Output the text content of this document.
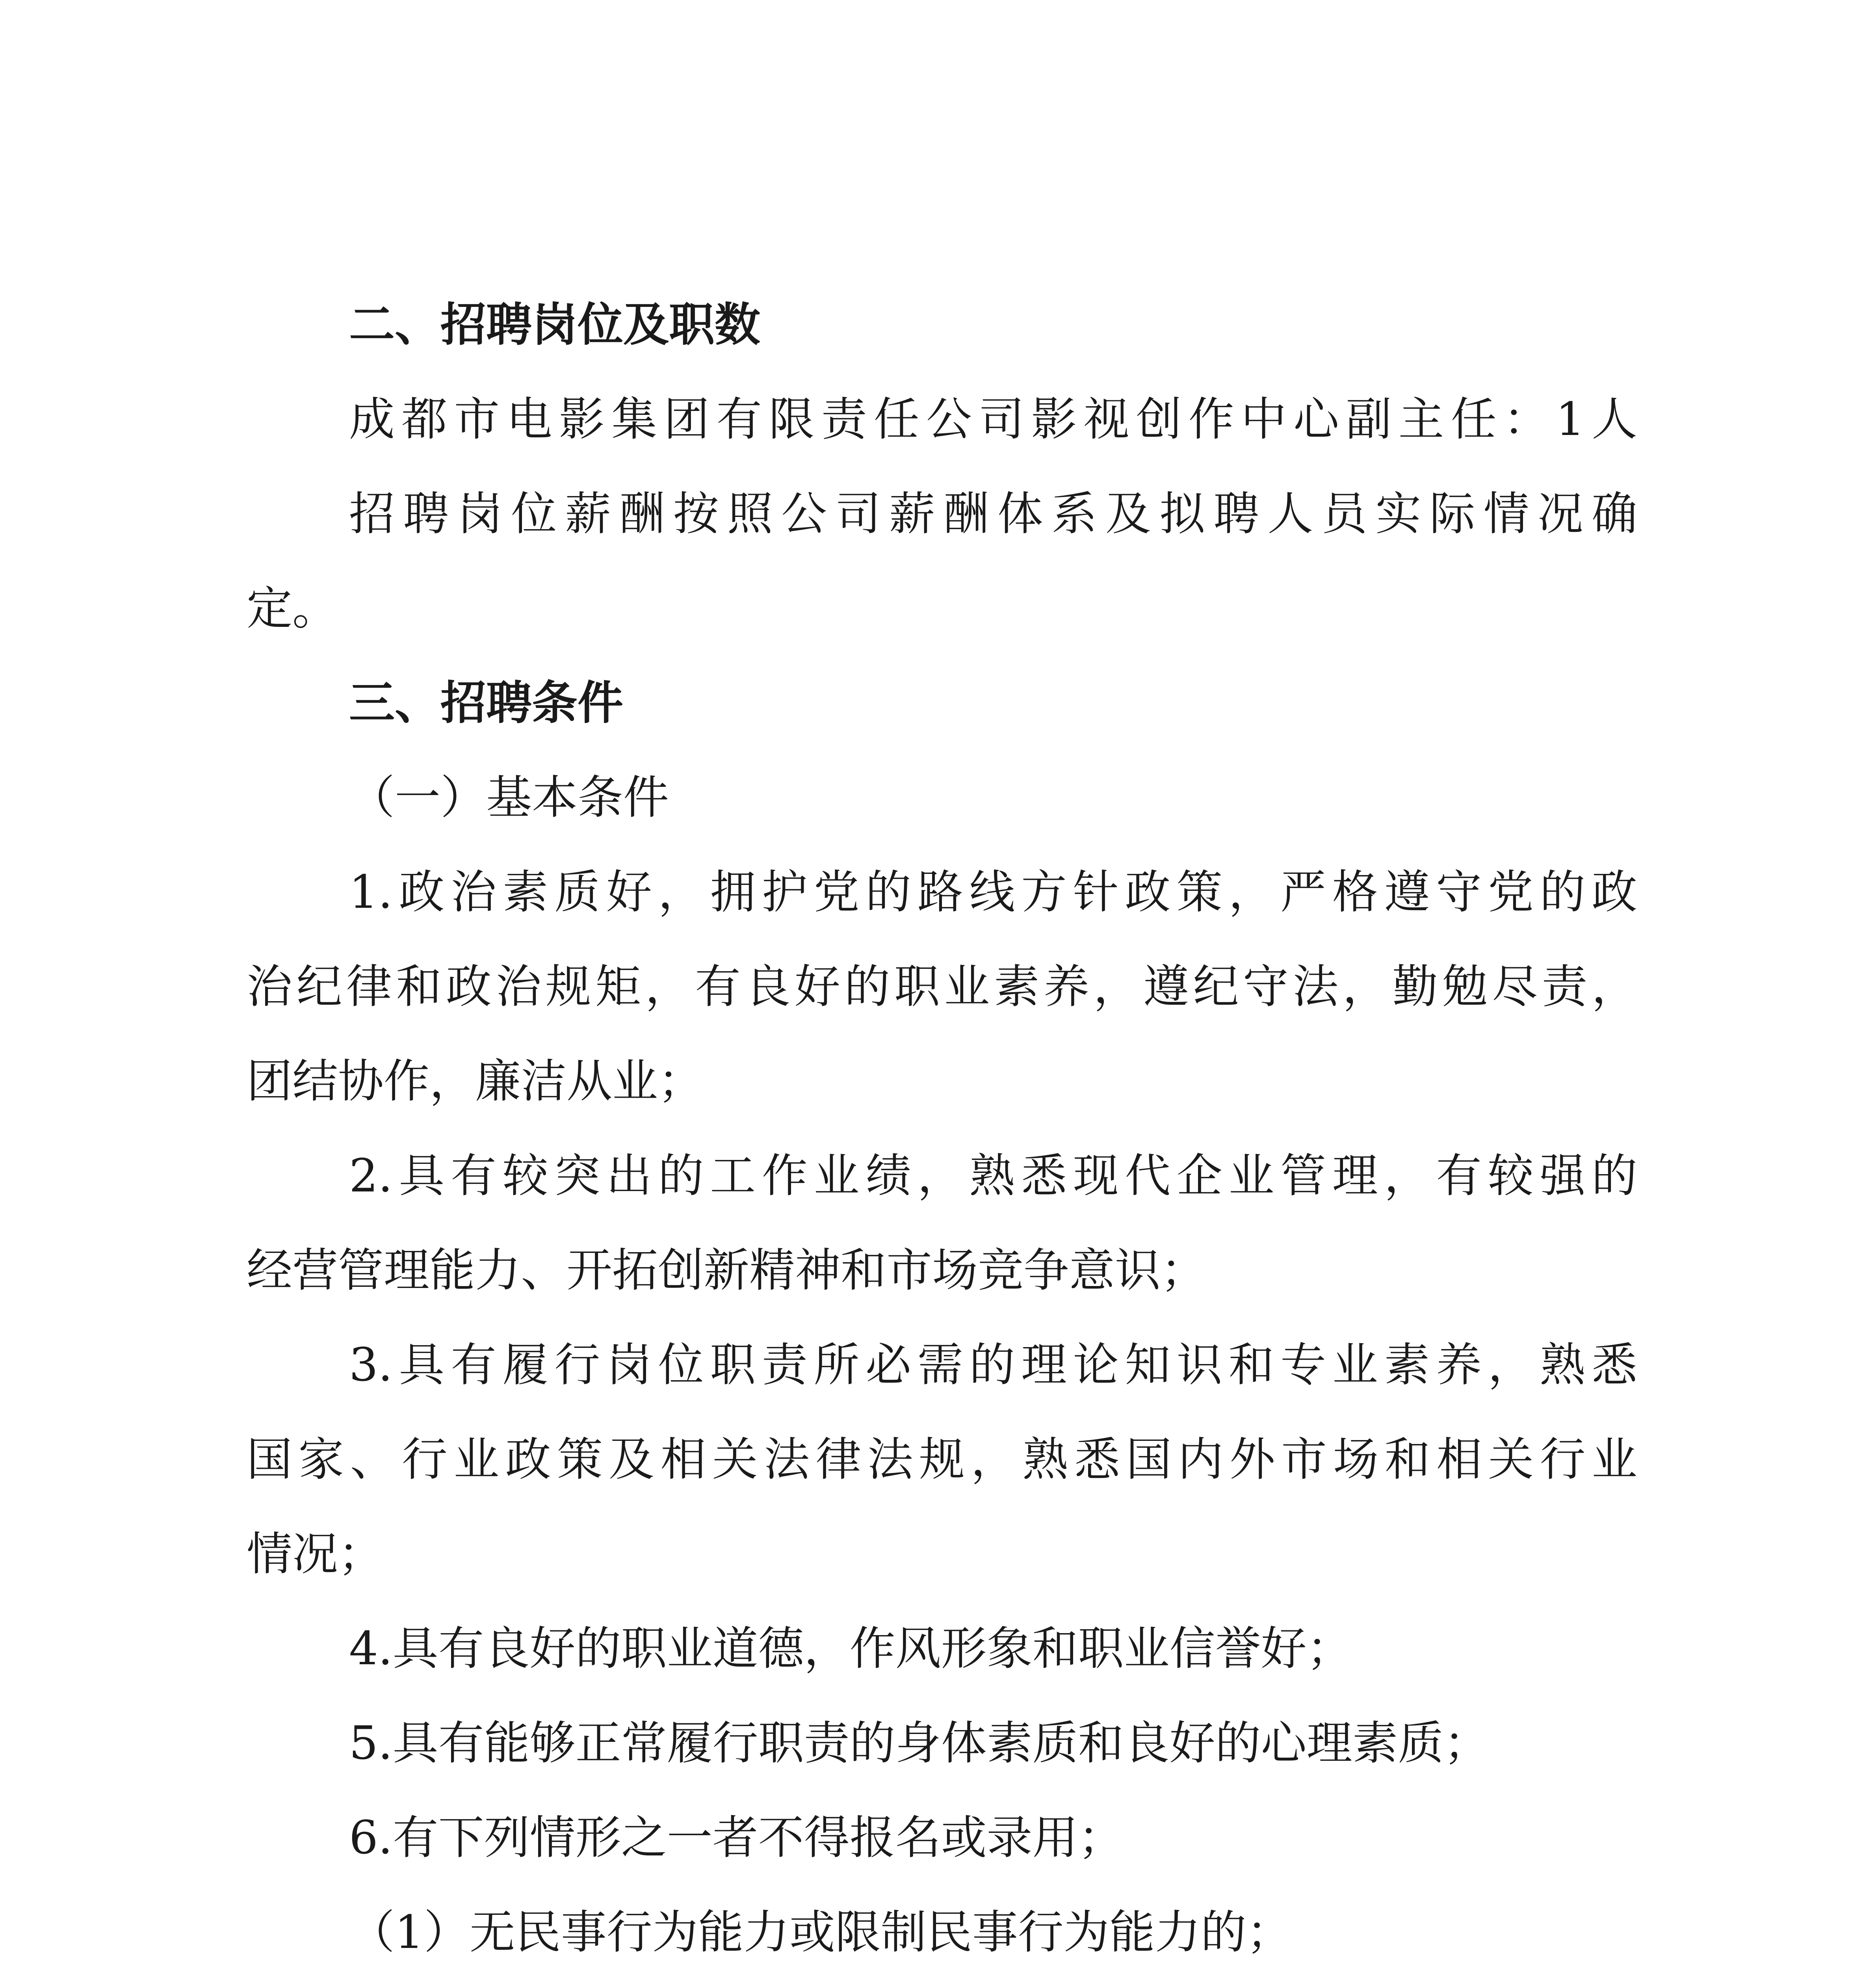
二、招聘岗位及职数
成都市电影集团有限责任公司影视创作中心副主任：1人
招聘岗位薪酬按照公司薪酬体系及拟聘人员实际情况确
定。
三、招聘条件
（一）基本条件
1.政治素质好，拥护党的路线方针政策，严格遵守党的政
治纪律和政治规矩，有良好的职业素养，遵纪守法，勤勉尽责，
团结协作，廉洁从业；
2.具有较突出的工作业绩，熟悉现代企业管理，有较强的
经营管理能力、开拓创新精神和市场竞争意识；
3.具有履行岗位职责所必需的理论知识和专业素养，熟悉
国家、行业政策及相关法律法规，熟悉国内外市场和相关行业
情况；
4.具有良好的职业道德，作风形象和职业信誉好；
5.具有能够正常履行职责的身体素质和良好的心理素质；
6.有下列情形之一者不得报名或录用；
（1）无民事行为能力或限制民事行为能力的；
